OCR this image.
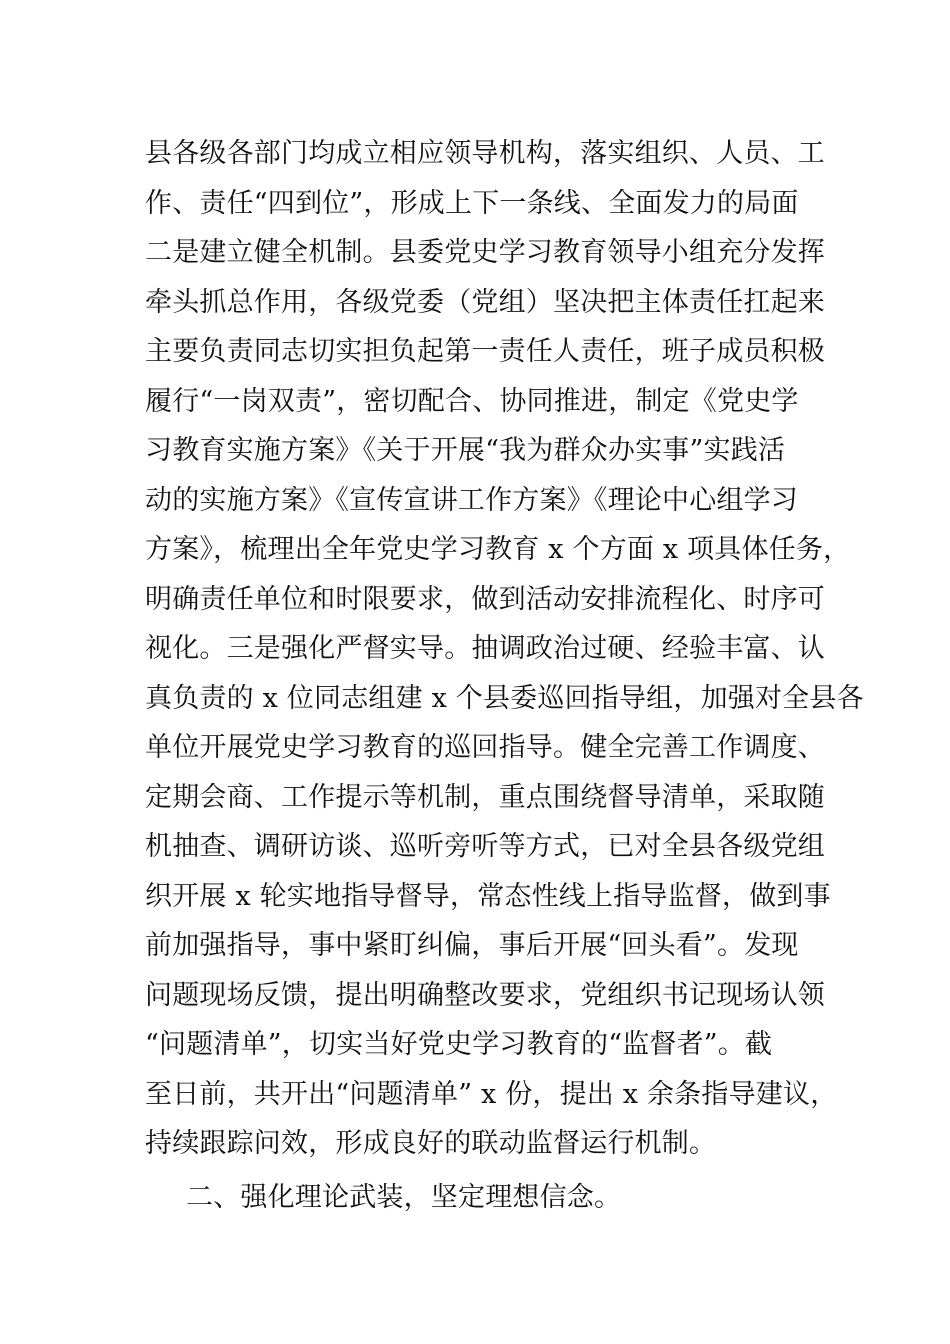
县各级各部门均成立相应领导机构，落实组织、人员、工
作、责任“四到位”，形成上下一条线、全面发力的局面
二是建立健全机制。县委党史学习教育领导小组充分发挥
牵头抓总作用，各级党委（党组）坚决把主体责任扛起来
主要负责同志切实担负起第一责任人责任，班子成员积极
履行“一岗双责”，密切配合、协同推进，制定《党史学
习教育实施方案》《关于开展“我为群众办实事”实践活
动的实施方案》《宣传宣讲工作方案》《理论中心组学习
方案》，梳理出全年党史学习教育 x 个方面 x 项具体任务，
明确责任单位和时限要求，做到活动安排流程化、时序可
视化。三是强化严督实导。抽调政治过硬、经验丰富、认
真负责的 x 位同志组建 x 个县委巡回指导组，加强对全县各
单位开展党史学习教育的巡回指导。健全完善工作调度、
定期会商、工作提示等机制，重点围绕督导清单，采取随
机抽查、调研访谈、巡听旁听等方式，已对全县各级党组
织开展 x 轮实地指导督导，常态性线上指导监督，做到事
前加强指导，事中紧盯纠偏，事后开展“回头看”。发现
问题现场反馈，提出明确整改要求，党组织书记现场认领
“问题清单”，切实当好党史学习教育的“监督者”。截
至日前，共开出“问题清单” x 份，提出 x 余条指导建议，
持续跟踪问效，形成良好的联动监督运行机制。
二、强化理论武装，坚定理想信念。
